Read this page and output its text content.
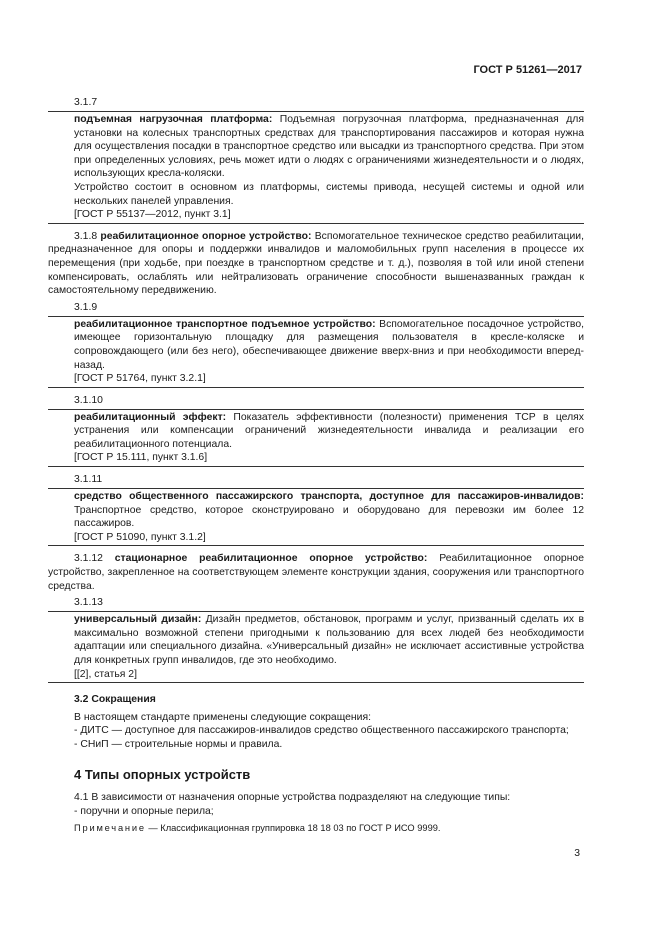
ГОСТ Р 51261—2017
3.1.7

подъемная нагрузочная платформа: Подъемная погрузочная платформа, предназначенная для установки на колесных транспортных средствах для транспортирования пассажиров и которая нужна для осуществления посадки в транспортное средство или высадки из транспортного средства. При этом при определенных условиях, речь может идти о людях с ограничениями жизнедеятельности и о людях, использующих кресла-коляски.

Устройство состоит в основном из платформы, системы привода, несущей системы и одной или нескольких панелей управления.

[ГОСТ Р 55137—2012, пункт 3.1]

3.1.8 реабилитационное опорное устройство: Вспомогательное техническое средство реабилитации, предназначенное для опоры и поддержки инвалидов и маломобильных групп населения в процессе их перемещения (при ходьбе, при поездке в транспортном средстве и т. д.), позволяя в той или иной степени компенсировать, ослаблять или нейтрализовать ограничение способности вышеназванных граждан к самостоятельному передвижению.

3.1.9

реабилитационное транспортное подъемное устройство: Вспомогательное посадочное устройство, имеющее горизонтальную площадку для размещения пользователя в кресле-коляске и сопровождающего (или без него), обеспечивающее движение вверх-вниз и при необходимости вперед-назад.

[ГОСТ Р 51764, пункт 3.2.1]

3.1.10

реабилитационный эффект: Показатель эффективности (полезности) применения ТСР в целях устранения или компенсации ограничений жизнедеятельности инвалида и реализации его реабилитационного потенциала.

[ГОСТ Р 15.111, пункт 3.1.6]

3.1.11

средство общественного пассажирского транспорта, доступное для пассажиров-инвалидов: Транспортное средство, которое сконструировано и оборудовано для перевозки им более 12 пассажиров.

[ГОСТ Р 51090, пункт 3.1.2]

3.1.12 стационарное реабилитационное опорное устройство: Реабилитационное опорное устройство, закрепленное на соответствующем элементе конструкции здания, сооружения или транспортного средства.

3.1.13

универсальный дизайн: Дизайн предметов, обстановок, программ и услуг, призванный сделать их в максимально возможной степени пригодными к пользованию для всех людей без необходимости адаптации или специального дизайна. «Универсальный дизайн» не исключает ассистивные устройства для конкретных групп инвалидов, где это необходимо.

[[2], статья 2]

3.2 Сокращения

В настоящем стандарте применены следующие сокращения:

- ДИТС — доступное для пассажиров-инвалидов средство общественного пассажирского транспорта;

- СНиП — строительные нормы и правила.

4 Типы опорных устройств

4.1 В зависимости от назначения опорные устройства подразделяют на следующие типы:

- поручни и опорные перила;

Примечание — Классификационная группировка 18 18 03 по ГОСТ Р ИСО 9999.
3
